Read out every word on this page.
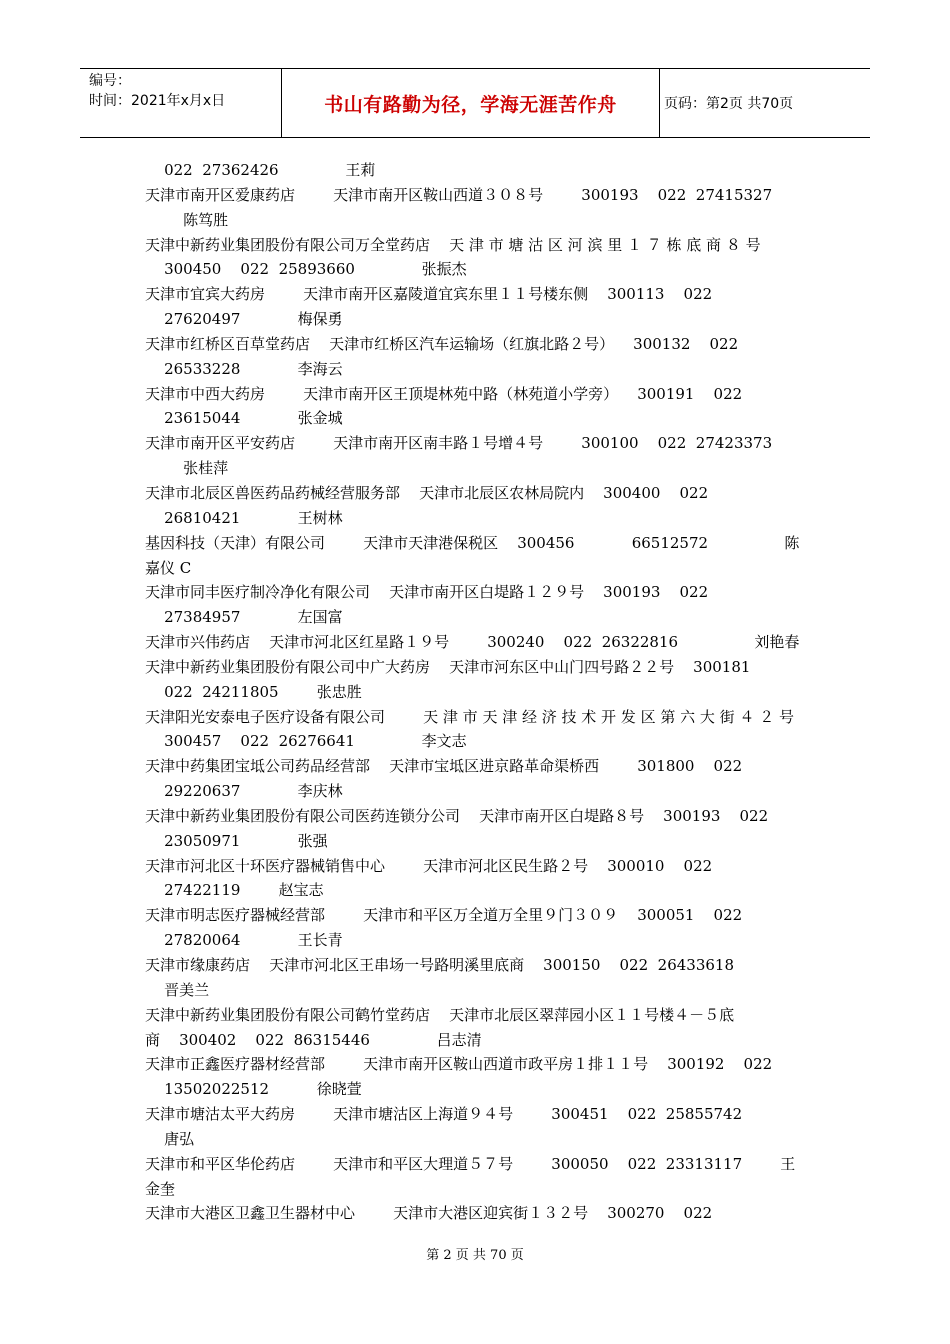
编号：
时间：2021年x月x日	书山有路勤为径，学海无涯苦作舟	页码：第2页 共70页
022  27362426              王莉
天津市南开区爱康药店        天津市南开区鞍山西道３０８号        300193    022  27415327
陈笃胜
天津中新药业集团股份有限公司万全堂药店    天 津 市 塘 沽 区 河 滨 里 １ ７ 栋 底 商 ８ 号
300450    022  25893660              张振杰
天津市宜宾大药房        天津市南开区嘉陵道宜宾东里１１号楼东侧    300113    022
27620497            梅保勇
天津市红桥区百草堂药店    天津市红桥区汽车运输场（红旗北路２号）    300132    022
26533228            李海云
天津市中西大药房        天津市南开区王顶堤林苑中路（林苑道小学旁）    300191    022
23615044            张金城
天津市南开区平安药店        天津市南开区南丰路１号增４号        300100    022  27423373
张桂萍
天津市北辰区兽医药品药械经营服务部    天津市北辰区农林局院内    300400    022
26810421            王树林
基因科技（天津）有限公司        天津市天津港保税区    300456            66512572                陈
嘉仪 C
天津市同丰医疗制冷净化有限公司    天津市南开区白堤路１２９号    300193    022
27384957            左国富
天津市兴伟药店    天津市河北区红星路１９号        300240    022  26322816                刘艳春
天津中新药业集团股份有限公司中广大药房    天津市河东区中山门四号路２２号    300181
022  24211805        张忠胜
天津阳光安泰电子医疗设备有限公司        天 津 市 天 津 经 济 技 术 开 发 区 第 六 大 街 ４ ２ 号
300457    022  26276641              李文志
天津中药集团宝坻公司药品经营部    天津市宝坻区进京路革命渠桥西        301800    022
29220637            李庆林
天津中新药业集团股份有限公司医药连锁分公司    天津市南开区白堤路８号    300193    022
23050971            张强
天津市河北区十环医疗器械销售中心        天津市河北区民生路２号    300010    022
27422119        赵宝志
天津市明志医疗器械经营部        天津市和平区万全道万全里９门３０９    300051    022
27820064            王长青
天津市缘康药店    天津市河北区王串场一号路明溪里底商    300150    022  26433618
晋美兰
天津中新药业集团股份有限公司鹤竹堂药店    天津市北辰区翠萍园小区１１号楼４－５底
商    300402    022  86315446              吕志清
天津市正鑫医疗器材经营部        天津市南开区鞍山西道市政平房１排１１号    300192    022
13502022512          徐晓萱
天津市塘沽太平大药房        天津市塘沽区上海道９４号        300451    022  25855742
唐弘
天津市和平区华伦药店        天津市和平区大理道５７号        300050    022  23313117        王
金奎
天津市大港区卫鑫卫生器材中心        天津市大港区迎宾街１３２号    300270    022
第 2 页 共 70 页
